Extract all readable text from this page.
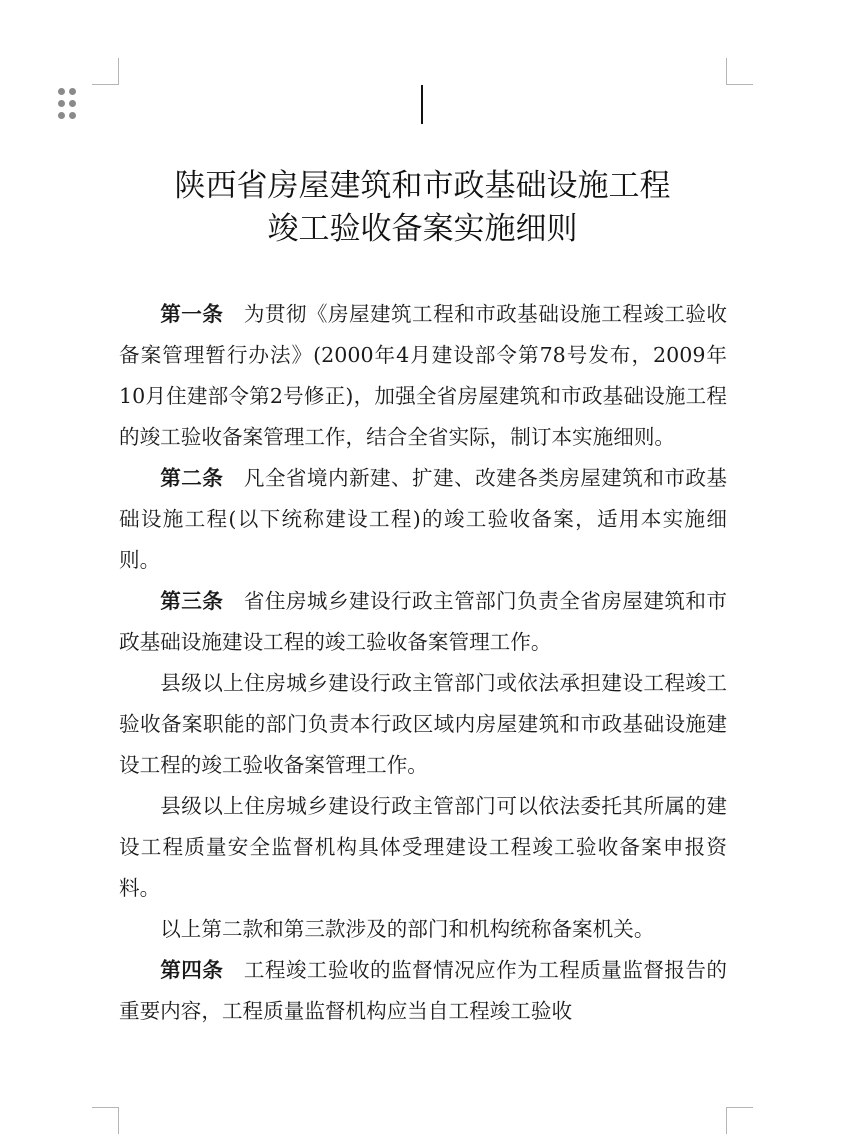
陕西省房屋建筑和市政基础设施工程
竣工验收备案实施细则

第一条 为贯彻《房屋建筑工程和市政基础设施工程竣工验收备案管理暂行办法》(2000年4月建设部令第78号发布，2009年10月住建部令第2号修正)，加强全省房屋建筑和市政基础设施工程的竣工验收备案管理工作，结合全省实际，制订本实施细则。

第二条 凡全省境内新建、扩建、改建各类房屋建筑和市政基础设施工程(以下统称建设工程)的竣工验收备案，适用本实施细则。

第三条 省住房城乡建设行政主管部门负责全省房屋建筑和市政基础设施建设工程的竣工验收备案管理工作。

县级以上住房城乡建设行政主管部门或依法承担建设工程竣工验收备案职能的部门负责本行政区域内房屋建筑和市政基础设施建设工程的竣工验收备案管理工作。

县级以上住房城乡建设行政主管部门可以依法委托其所属的建设工程质量安全监督机构具体受理建设工程竣工验收备案申报资料。

以上第二款和第三款涉及的部门和机构统称备案机关。

第四条 工程竣工验收的监督情况应作为工程质量监督报告的重要内容，工程质量监督机构应当自工程竣工验收
